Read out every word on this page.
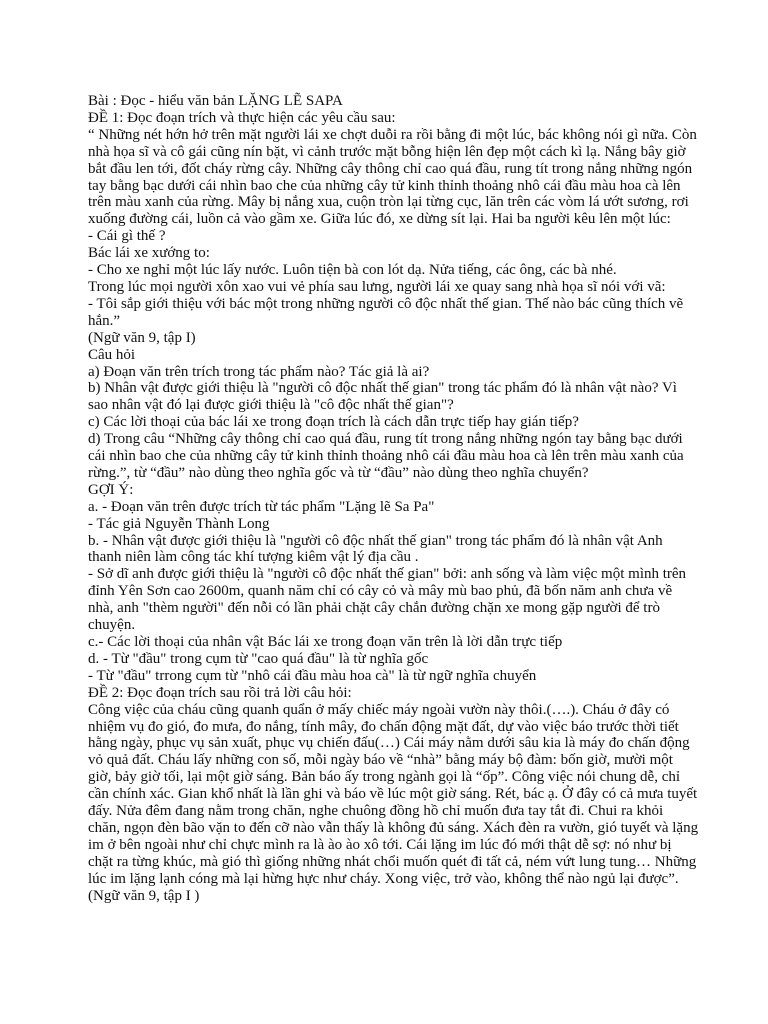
Bài : Đọc - hiểu văn bản LẶNG LẼ SAPA
ĐỀ 1: Đọc đoạn trích và thực hiện các yêu cầu sau:
“ Những nét hớn hở trên mặt người lái xe chợt duỗi ra rồi bằng đi một lúc, bác không nói gì nữa. Còn
nhà họa sĩ và cô gái cũng nín bặt, vì cảnh trước mặt bỗng hiện lên đẹp một cách kì lạ. Nắng bây giờ
bắt đầu len tới, đốt cháy rừng cây. Những cây thông chỉ cao quá đầu, rung tít trong nắng những ngón
tay bằng bạc dưới cái nhìn bao che của những cây tử kinh thỉnh thoảng nhô cái đầu màu hoa cà lên
trên màu xanh của rừng. Mây bị nắng xua, cuộn tròn lại từng cục, lăn trên các vòm lá ướt sương, rơi
xuống đường cái, luồn cả vào gầm xe. Giữa lúc đó, xe dừng sít lại. Hai ba người kêu lên một lúc:
- Cái gì thế ?
Bác lái xe xướng to:
- Cho xe nghỉ một lúc lấy nước. Luôn tiện bà con lót dạ. Nửa tiếng, các ông, các bà nhé.
Trong lúc mọi người xôn xao vui vẻ phía sau lưng, người lái xe quay sang nhà họa sĩ nói với vã:
- Tôi sắp giới thiệu với bác một trong những người cô độc nhất thế gian. Thế nào bác cũng thích vẽ
hắn.”
(Ngữ văn 9, tập I)
Câu hỏi
a) Đoạn văn trên trích trong tác phẩm nào? Tác giả là ai?
b) Nhân vật được giới thiệu là "người cô độc nhất thế gian" trong tác phẩm đó là nhân vật nào? Vì
sao nhân vật đó lại được giới thiệu là "cô độc nhất thế gian"?
c) Các lời thoại của bác lái xe trong đoạn trích là cách dẫn trực tiếp hay gián tiếp?
d) Trong câu “Những cây thông chỉ cao quá đầu, rung tít trong nắng những ngón tay bằng bạc dưới
cái nhìn bao che của những cây tử kinh thỉnh thoảng nhô cái đầu màu hoa cà lên trên màu xanh của
rừng.”, từ “đầu” nào dùng theo nghĩa gốc và từ “đầu” nào dùng theo nghĩa chuyển?
GỢI Ý:
a. - Đoạn văn trên được trích từ tác phẩm "Lặng lẽ Sa Pa"
- Tác giả Nguyễn Thành Long
b. - Nhân vật được giới thiệu là "người cô độc nhất thế gian" trong tác phẩm đó là nhân vật Anh
thanh niên làm công tác khí tượng kiêm vật lý địa cầu .
- Sở dĩ anh được giới thiệu là "người cô độc nhất thế gian" bởi: anh sống và làm việc một mình trên
đỉnh Yên Sơn cao 2600m, quanh năm chỉ có cây cỏ và mây mù bao phủ, đã bốn năm anh chưa về
nhà, anh "thèm người" đến nỗi có lần phải chặt cây chắn đường chặn xe mong gặp người để trò
chuyện.
c.- Các lời thoại của nhân vật Bác lái xe trong đoạn văn trên là lời dẫn trực tiếp
d. - Từ "đầu" trong cụm từ "cao quá đầu" là từ nghĩa gốc
- Từ "đầu" trrong cụm từ "nhô cái đầu màu hoa cà" là từ ngữ nghĩa chuyển
ĐỀ 2: Đọc đoạn trích sau rồi trả lời câu hỏi:
Công việc của cháu cũng quanh quẩn ở mấy chiếc máy ngoài vườn này thôi.(….). Cháu ở đây có
nhiệm vụ đo gió, đo mưa, đo nắng, tính mây, đo chấn động mặt đất, dự vào việc báo trước thời tiết
hằng ngày, phục vụ sản xuất, phục vụ chiến đấu(…) Cái máy nằm dưới sâu kia là máy đo chấn động
vỏ quả đất. Cháu lấy những con số, mỗi ngày báo về “nhà” bằng máy bộ đàm: bốn giờ, mười một
giờ, bảy giờ tối, lại một giờ sáng. Bản báo ấy trong ngành gọi là “ốp”. Công việc nói chung dễ, chỉ
cần chính xác. Gian khổ nhất là lần ghi và báo về lúc một giờ sáng. Rét, bác ạ. Ở đây có cả mưa tuyết
đấy. Nửa đêm đang nằm trong chăn, nghe chuông đồng hồ chỉ muốn đưa tay tắt đi. Chui ra khỏi
chăn, ngọn đèn bão vặn to đến cỡ nào vẫn thấy là không đủ sáng. Xách đèn ra vườn, gió tuyết và lặng
im ở bên ngoài như chỉ chực mình ra là ào ào xô tới. Cái lặng im lúc đó mới thật dễ sợ: nó như bị
chặt ra từng khúc, mà gió thì giống những nhát chổi muốn quét đi tất cả, ném vứt lung tung… Những
lúc im lặng lạnh cóng mà lại hừng hực như cháy. Xong việc, trở vào, không thể nào ngủ lại được”.
(Ngữ văn 9, tập I )
